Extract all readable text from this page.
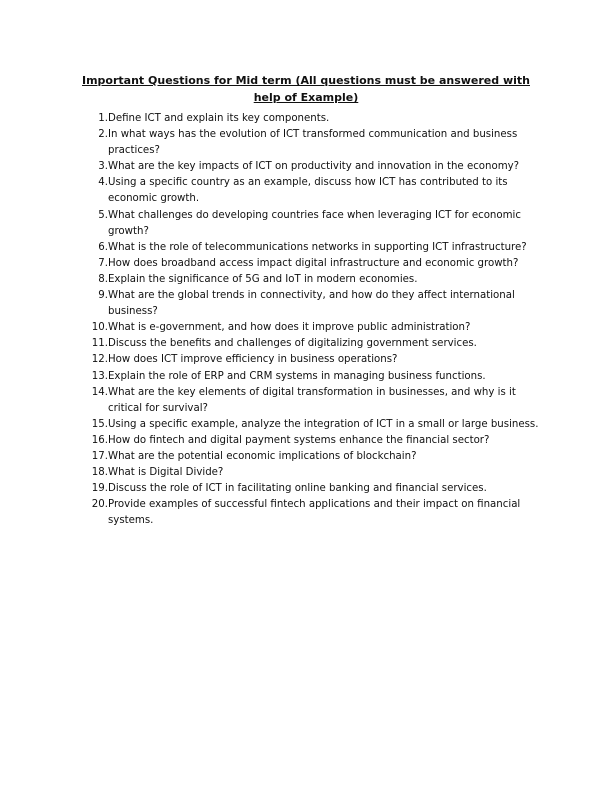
Important Questions for Mid term (All questions must be answered with help of Example)
1. Define ICT and explain its key components.
2. In what ways has the evolution of ICT transformed communication and business practices?
3. What are the key impacts of ICT on productivity and innovation in the economy?
4. Using a specific country as an example, discuss how ICT has contributed to its economic growth.
5. What challenges do developing countries face when leveraging ICT for economic growth?
6. What is the role of telecommunications networks in supporting ICT infrastructure?
7. How does broadband access impact digital infrastructure and economic growth?
8. Explain the significance of 5G and IoT in modern economies.
9. What are the global trends in connectivity, and how do they affect international business?
10. What is e-government, and how does it improve public administration?
11. Discuss the benefits and challenges of digitalizing government services.
12. How does ICT improve efficiency in business operations?
13. Explain the role of ERP and CRM systems in managing business functions.
14. What are the key elements of digital transformation in businesses, and why is it critical for survival?
15. Using a specific example, analyze the integration of ICT in a small or large business.
16. How do fintech and digital payment systems enhance the financial sector?
17. What are the potential economic implications of blockchain?
18. What is Digital Divide?
19. Discuss the role of ICT in facilitating online banking and financial services.
20. Provide examples of successful fintech applications and their impact on financial systems.
